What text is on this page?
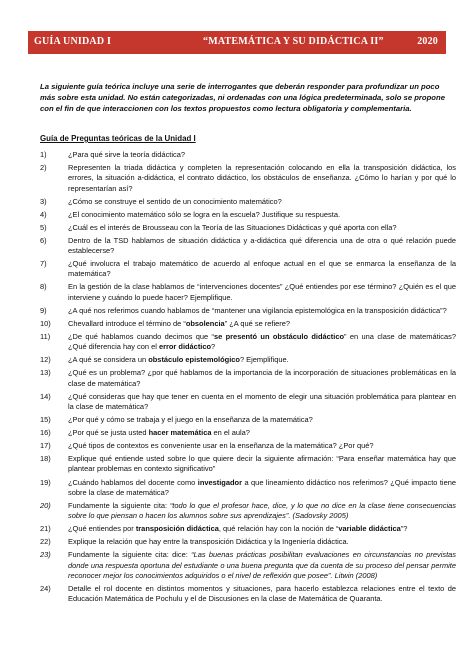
GUÍA UNIDAD I	“MATEMÁTICA Y SU DIDÁCTICA II”	2020

La siguiente guía teórica incluye una serie de interrogantes que deberán responder para profundizar un poco más sobre esta unidad. No están categorizadas, ni ordenadas con una lógica predeterminada, solo se propone con el fin de que interaccionen con los textos propuestos como lectura obligatoria y complementaria.

Guía de Preguntas teóricas de la Unidad I

1)	¿Para qué sirve la teoría didáctica?
2)	Representen la triada didáctica y completen la representación colocando en ella la transposición didáctica, los errores, la situación a-didáctica, el contrato didáctico, los obstáculos de enseñanza. ¿Cómo lo harían y por qué lo representarían así?
3)	¿Cómo se construye el sentido de un conocimiento matemático?
4)	¿El conocimiento matemático sólo se logra en la escuela? Justifique su respuesta.
5)	¿Cuál es el interés de Brousseau con la Teoría de las Situaciones Didácticas y qué aporta con ella?
6)	Dentro de la TSD hablamos de situación didáctica y a-didáctica qué diferencia una de otra o qué relación puede establecerse?
7)	¿Qué involucra el trabajo matemático de acuerdo al enfoque actual en el que se enmarca la enseñanza de la matemática?
8)	En la gestión de la clase hablamos de “intervenciones docentes” ¿Qué entiendes por ese término? ¿Quién es el que interviene y cuándo lo puede hacer? Ejemplifique.
9)	¿A qué nos referimos cuando hablamos de “mantener una vigilancia epistemológica en la transposición didáctica”?
10) Chevallard introduce el término de “obsolencia” ¿A qué se refiere?
11) ¿De qué hablamos cuando decimos que “se presentó un obstáculo didáctico” en una clase de matemáticas? ¿Qué diferencia hay con el error didáctico?
12) ¿A qué se considera un obstáculo epistemológico? Ejemplifique.
13) ¿Qué es un problema? ¿por qué hablamos de la importancia de la incorporación de situaciones problemáticas en la clase de matemática?
14) ¿Qué consideras que hay que tener en cuenta en el momento de elegir una situación problemática para plantear en la clase de matemática?
15) ¿Por qué y cómo se trabaja y el juego en la enseñanza de la matemática?
16) ¿Por qué se justa usted hacer matemática en el aula?
17) ¿Qué tipos de contextos es conveniente usar en la enseñanza de la matemática? ¿Por qué?
18) Explique qué entiende usted sobre lo que quiere decir la siguiente afirmación: “Para enseñar matemática hay que plantear problemas en contexto significativo”
19) ¿Cuándo hablamos del docente como investigador a que lineamiento didáctico nos referimos? ¿Qué impacto tiene sobre la clase de matemática?
20) Fundamente la siguiente cita: “todo lo que el profesor hace, dice, y lo que no dice en la clase tiene consecuencias sobre lo que piensan o hacen los alumnos sobre sus aprendizajes”. (Sadovsky 2005)
21) ¿Qué entiendes por transposición didáctica, qué relación hay con la noción de “variable didáctica”?
22) Explique la relación que hay entre la transposición Didáctica y la Ingeniería didáctica.
23) Fundamente la siguiente cita: dice: “Las buenas prácticas posibilitan evaluaciones en circunstancias no previstas donde una respuesta oportuna del estudiante o una buena pregunta que da cuenta de su proceso del pensar permite reconocer mejor los conocimientos adquiridos o el nivel de reflexión que posee”. Litwin (2008)
24) Detalle el rol docente en distintos momentos y situaciones, para hacerlo establezca relaciones entre el texto de Educación Matemática de Pochulu y el de Discusiones en la clase de Matemática de Quaranta.
